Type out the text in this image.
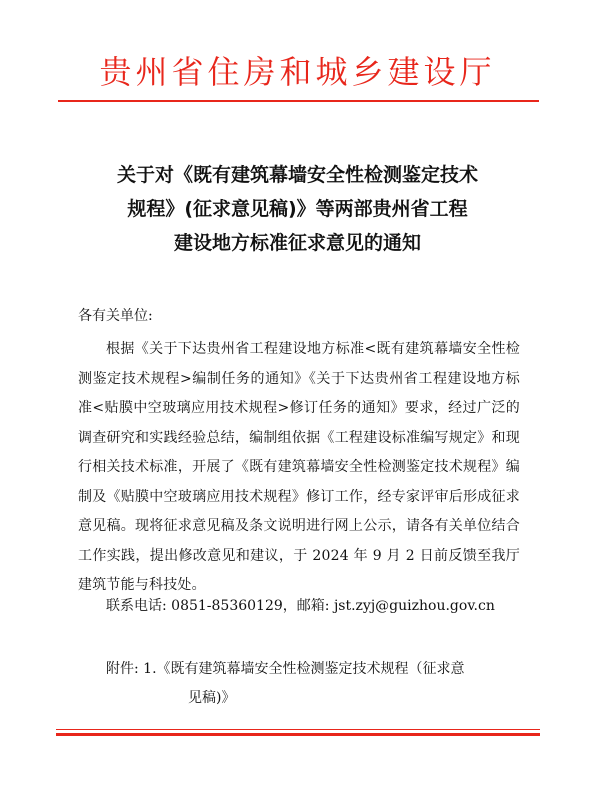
贵州省住房和城乡建设厅
关于对《既有建筑幕墙安全性检测鉴定技术
规程》(征求意见稿)》等两部贵州省工程
建设地方标准征求意见的通知
各有关单位:
根据《关于下达贵州省工程建设地方标准<既有建筑幕墙安全性检测鉴定技术规程>编制任务的通知》《关于下达贵州省工程建设地方标准<贴膜中空玻璃应用技术规程>修订任务的通知》要求，经过广泛的调查研究和实践经验总结，编制组依据《工程建设标准编写规定》和现行相关技术标准，开展了《既有建筑幕墙安全性检测鉴定技术规程》编制及《贴膜中空玻璃应用技术规程》修订工作，经专家评审后形成征求意见稿。现将征求意见稿及条文说明进行网上公示，请各有关单位结合工作实践，提出修改意见和建议，于 2024 年 9 月 2 日前反馈至我厅建筑节能与科技处。
联系电话: 0851-85360129，邮箱: jst.zyj@guizhou.gov.cn
附件: 1.《既有建筑幕墙安全性检测鉴定技术规程（征求意
见稿)》
